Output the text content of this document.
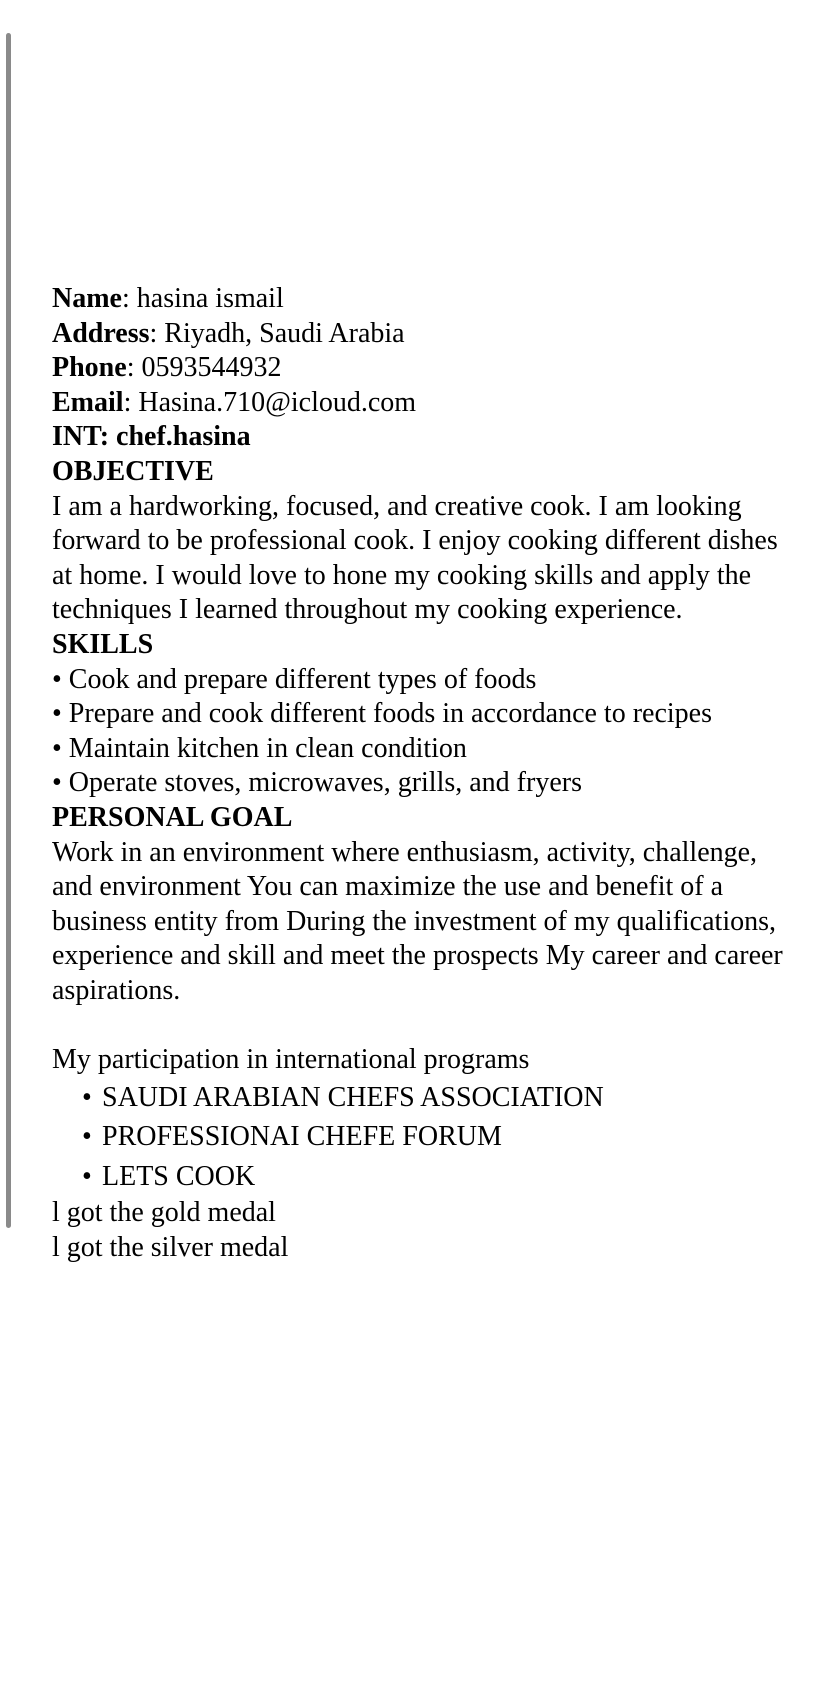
Name: hasina ismail

Address: Riyadh, Saudi Arabia

Phone: 0593544932

Email: Hasina.710@icloud.com

INT: chef.hasina

OBJECTIVE

I am a hardworking, focused, and creative cook. I am looking forward to be professional cook. I enjoy cooking different dishes at home. I would love to hone my cooking skills and apply the techniques I learned throughout my cooking experience.

SKILLS

• Cook and prepare different types of foods

• Prepare and cook different foods in accordance to recipes

• Maintain kitchen in clean condition

• Operate stoves, microwaves, grills, and fryers

PERSONAL GOAL

Work in an environment where enthusiasm, activity, challenge, and environment You can maximize the use and benefit of a business entity from During the investment of my qualifications, experience and skill and meet the prospects My career and career aspirations.

My participation in international programs

• SAUDI ARABIAN CHEFS ASSOCIATION
• PROFESSIONAI CHEFE FORUM
• LETS COOK

l got the gold medal

l got the silver medal
